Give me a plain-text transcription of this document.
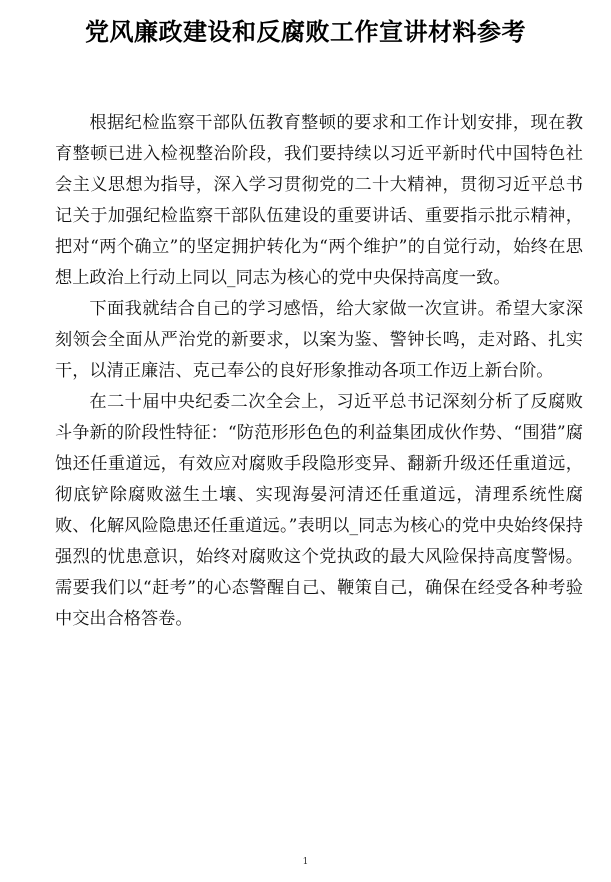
党风廉政建设和反腐败工作宣讲材料参考

根据纪检监察干部队伍教育整顿的要求和工作计划安排，现在教育整顿已进入检视整治阶段，我们要持续以习近平新时代中国特色社会主义思想为指导，深入学习贯彻党的二十大精神，贯彻习近平总书记关于加强纪检监察干部队伍建设的重要讲话、重要指示批示精神，把对“两个确立”的坚定拥护转化为“两个维护”的自觉行动，始终在思想上政治上行动上同以_同志为核心的党中央保持高度一致。

下面我就结合自己的学习感悟，给大家做一次宣讲。希望大家深刻领会全面从严治党的新要求，以案为鉴、警钟长鸣，走对路、扎实干，以清正廉洁、克己奉公的良好形象推动各项工作迈上新台阶。

在二十届中央纪委二次全会上，习近平总书记深刻分析了反腐败斗争新的阶段性特征：“防范形形色色的利益集团成伙作势、“围猎”腐蚀还任重道远，有效应对腐败手段隐形变异、翻新升级还任重道远，彻底铲除腐败滋生土壤、实现海晏河清还任重道远，清理系统性腐败、化解风险隐患还任重道远。”表明以_同志为核心的党中央始终保持强烈的忧患意识，始终对腐败这个党执政的最大风险保持高度警惕。需要我们以“赶考”的心态警醒自己、鞭策自己，确保在经受各种考验中交出合格答卷。

1
